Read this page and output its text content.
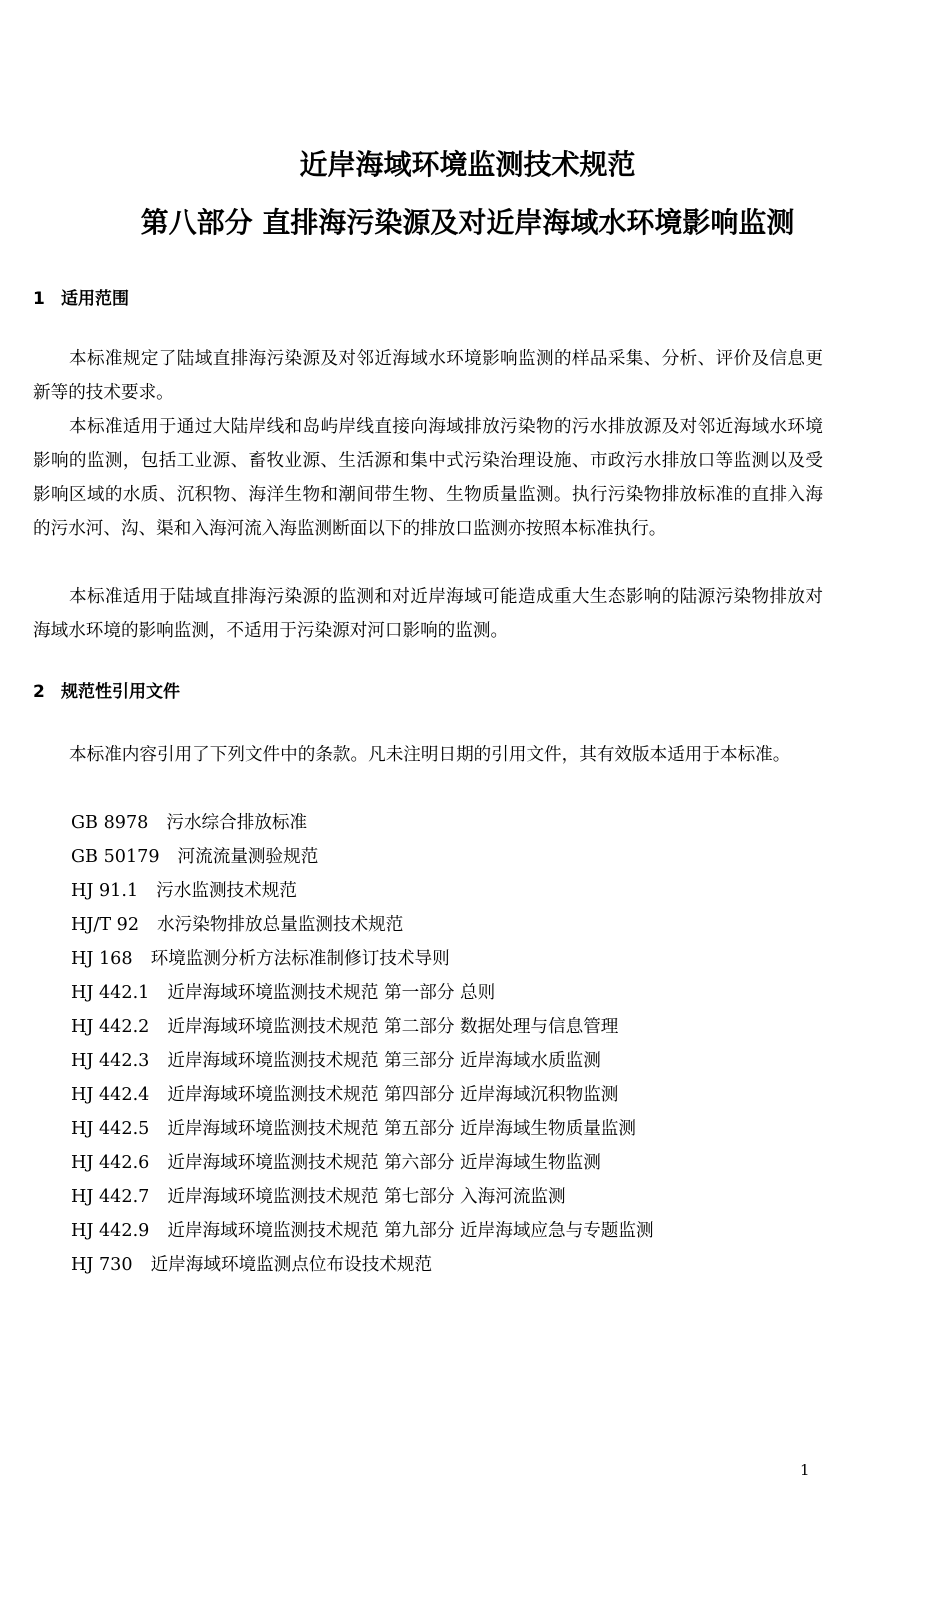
近岸海域环境监测技术规范
第八部分 直排海污染源及对近岸海域水环境影响监测
1 适用范围
本标准规定了陆域直排海污染源及对邻近海域水环境影响监测的样品采集、分析、评价及信息更新等的技术要求。
本标准适用于通过大陆岸线和岛屿岸线直接向海域排放污染物的污水排放源及对邻近海域水环境影响的监测，包括工业源、畜牧业源、生活源和集中式污染治理设施、市政污水排放口等监测以及受影响区域的水质、沉积物、海洋生物和潮间带生物、生物质量监测。执行污染物排放标准的直排入海的污水河、沟、渠和入海河流入海监测断面以下的排放口监测亦按照本标准执行。
本标准适用于陆域直排海污染源的监测和对近岸海域可能造成重大生态影响的陆源污染物排放对海域水环境的影响监测，不适用于污染源对河口影响的监测。
2 规范性引用文件
本标准内容引用了下列文件中的条款。凡未注明日期的引用文件，其有效版本适用于本标准。
GB 8978 污水综合排放标准
GB 50179 河流流量测验规范
HJ 91.1 污水监测技术规范
HJ/T 92 水污染物排放总量监测技术规范
HJ 168 环境监测分析方法标准制修订技术导则
HJ 442.1 近岸海域环境监测技术规范 第一部分 总则
HJ 442.2 近岸海域环境监测技术规范 第二部分 数据处理与信息管理
HJ 442.3 近岸海域环境监测技术规范 第三部分 近岸海域水质监测
HJ 442.4 近岸海域环境监测技术规范 第四部分 近岸海域沉积物监测
HJ 442.5 近岸海域环境监测技术规范 第五部分 近岸海域生物质量监测
HJ 442.6 近岸海域环境监测技术规范 第六部分 近岸海域生物监测
HJ 442.7 近岸海域环境监测技术规范 第七部分 入海河流监测
HJ 442.9 近岸海域环境监测技术规范 第九部分 近岸海域应急与专题监测
HJ 730 近岸海域环境监测点位布设技术规范
1
